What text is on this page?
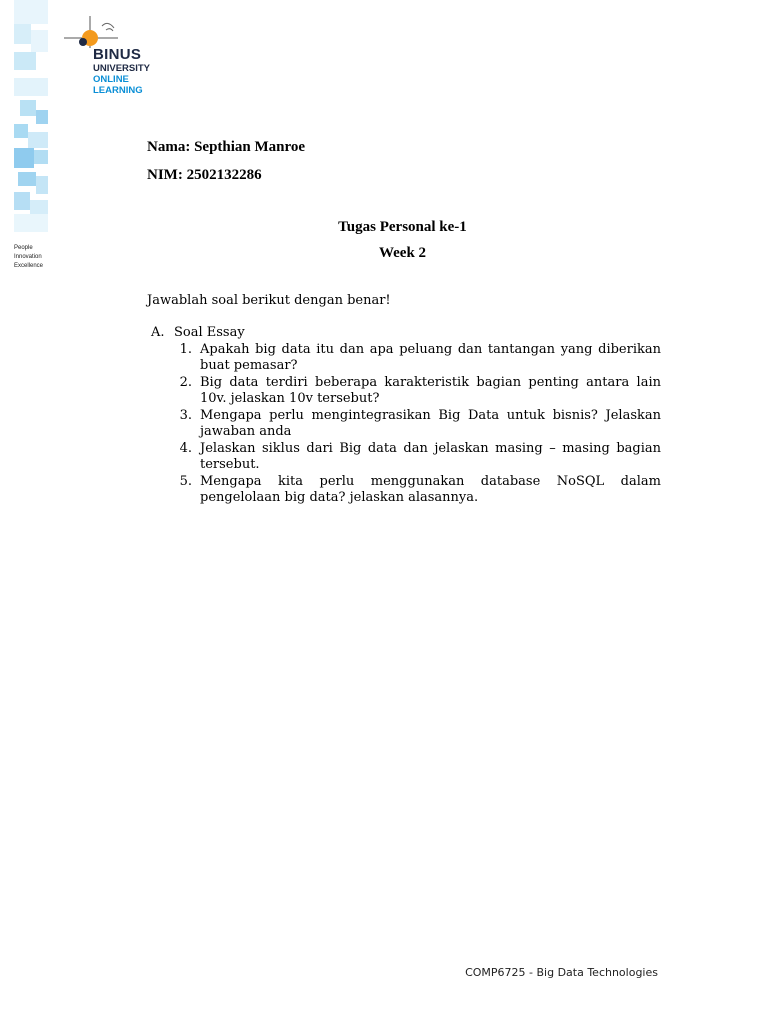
People
Innovation
Excellence
BINUS
UNIVERSITY
ONLINE
LEARNING
Nama: Septhian Manroe
NIM: 2502132286
Tugas Personal ke-1
Week 2
Jawablah soal berikut dengan benar!
A. Soal Essay
1. Apakah big data itu dan apa peluang dan tantangan yang diberikan buat pemasar?
2. Big data terdiri beberapa karakteristik bagian penting antara lain 10v. jelaskan 10v tersebut?
3. Mengapa perlu mengintegrasikan Big Data untuk bisnis? Jelaskan jawaban anda
4. Jelaskan siklus dari Big data dan jelaskan masing – masing bagian tersebut.
5. Mengapa kita perlu menggunakan database NoSQL dalam pengelolaan big data? jelaskan alasannya.
COMP6725 - Big Data Technologies
